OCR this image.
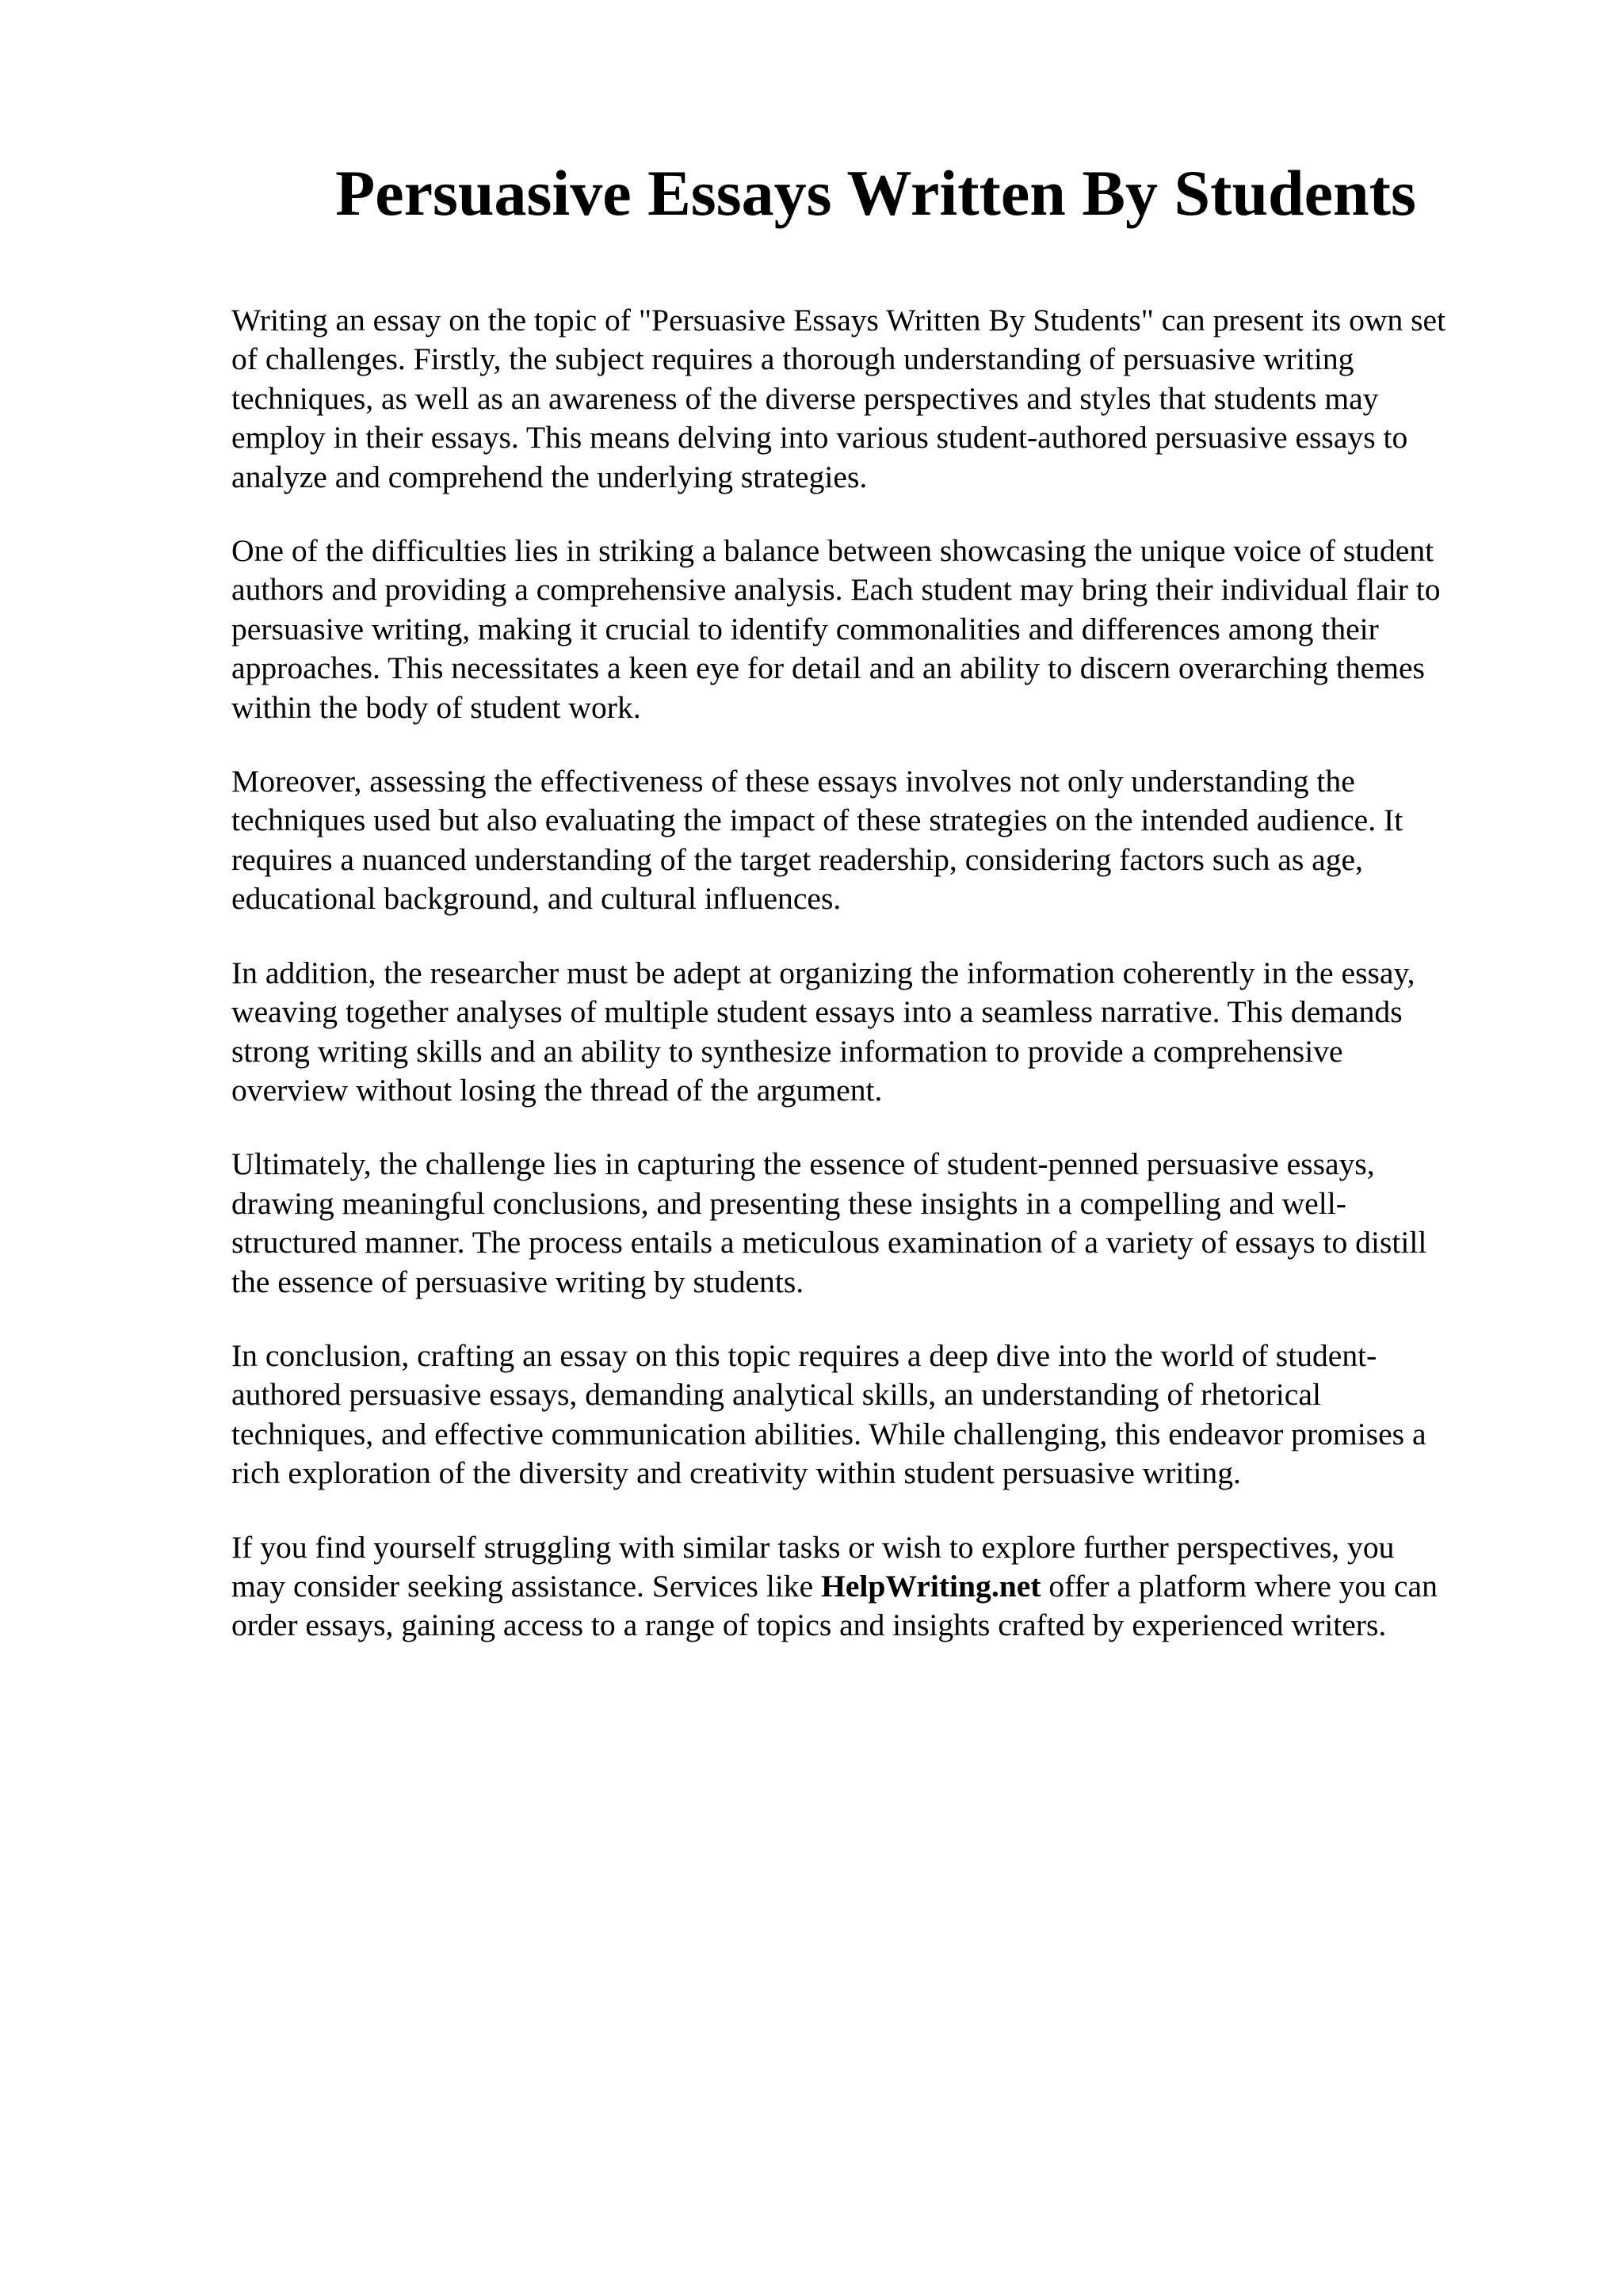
Persuasive Essays Written By Students

Writing an essay on the topic of "Persuasive Essays Written By Students" can present its own set
of challenges. Firstly, the subject requires a thorough understanding of persuasive writing
techniques, as well as an awareness of the diverse perspectives and styles that students may
employ in their essays. This means delving into various student-authored persuasive essays to
analyze and comprehend the underlying strategies.

One of the difficulties lies in striking a balance between showcasing the unique voice of student
authors and providing a comprehensive analysis. Each student may bring their individual flair to
persuasive writing, making it crucial to identify commonalities and differences among their
approaches. This necessitates a keen eye for detail and an ability to discern overarching themes
within the body of student work.

Moreover, assessing the effectiveness of these essays involves not only understanding the
techniques used but also evaluating the impact of these strategies on the intended audience. It
requires a nuanced understanding of the target readership, considering factors such as age,
educational background, and cultural influences.

In addition, the researcher must be adept at organizing the information coherently in the essay,
weaving together analyses of multiple student essays into a seamless narrative. This demands
strong writing skills and an ability to synthesize information to provide a comprehensive
overview without losing the thread of the argument.

Ultimately, the challenge lies in capturing the essence of student-penned persuasive essays,
drawing meaningful conclusions, and presenting these insights in a compelling and well-
structured manner. The process entails a meticulous examination of a variety of essays to distill
the essence of persuasive writing by students.

In conclusion, crafting an essay on this topic requires a deep dive into the world of student-
authored persuasive essays, demanding analytical skills, an understanding of rhetorical
techniques, and effective communication abilities. While challenging, this endeavor promises a
rich exploration of the diversity and creativity within student persuasive writing.

If you find yourself struggling with similar tasks or wish to explore further perspectives, you
may consider seeking assistance. Services like HelpWriting.net offer a platform where you can
order essays, gaining access to a range of topics and insights crafted by experienced writers.
